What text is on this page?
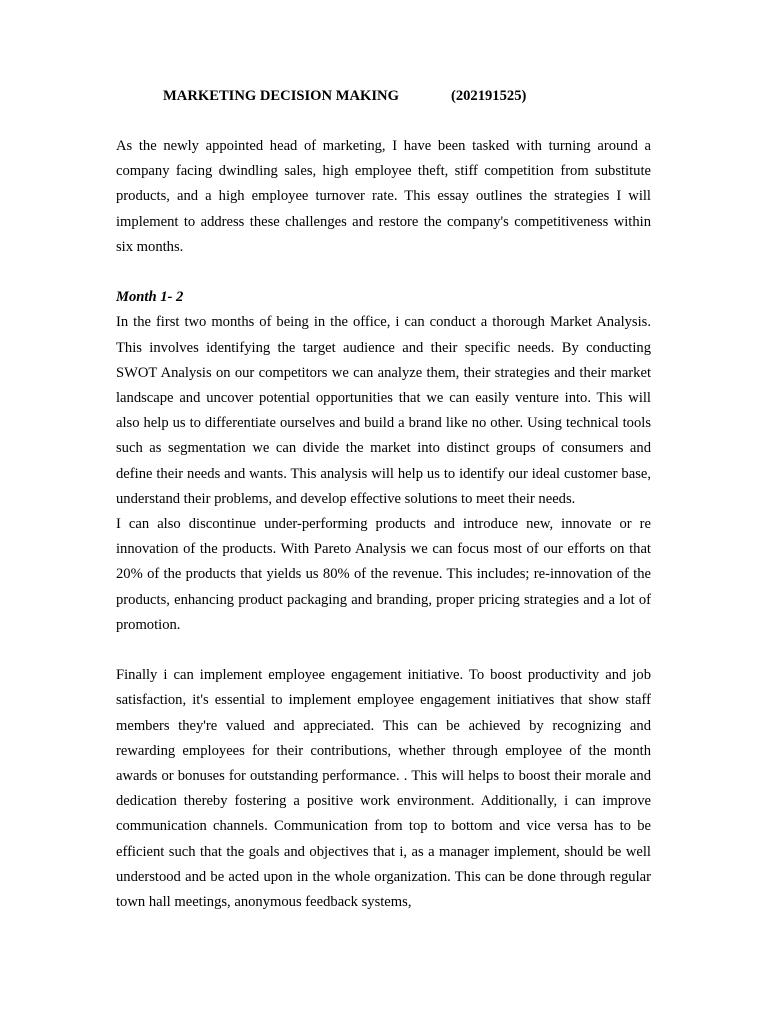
MARKETING DECISION MAKING	(202191525)

As the newly appointed head of marketing, I have been tasked with turning around a company facing dwindling sales, high employee theft, stiff competition from substitute products, and a high employee turnover rate. This essay outlines the strategies I will implement to address these challenges and restore the company's competitiveness within six months.

Month 1- 2

In the first two months of being in the office, i can conduct a thorough Market Analysis. This involves identifying the target audience and their specific needs. By conducting SWOT Analysis on our competitors we can analyze them, their strategies and their market landscape and uncover potential opportunities that we can easily venture into. This will also help us to differentiate ourselves and build a brand like no other. Using technical tools such as segmentation we can divide the market into distinct groups of consumers and define their needs and wants. This analysis will help us to identify our ideal customer base, understand their problems, and develop effective solutions to meet their needs.

I can also discontinue under-performing products and introduce new, innovate or re innovation of the products. With Pareto Analysis we can focus most of our efforts on that 20% of the products that yields us 80% of the revenue. This includes; re-innovation of the products, enhancing product packaging and branding, proper pricing strategies and a lot of promotion.

Finally i can implement employee engagement initiative. To boost productivity and job satisfaction, it's essential to implement employee engagement initiatives that show staff members they're valued and appreciated. This can be achieved by recognizing and rewarding employees for their contributions, whether through employee of the month awards or bonuses for outstanding performance. . This will helps to boost their morale and dedication thereby fostering a positive work environment. Additionally, i can improve communication channels. Communication from top to bottom and vice versa has to be efficient such that the goals and objectives that i, as a manager implement, should be well understood and be acted upon in the whole organization. This can be done through regular town hall meetings, anonymous feedback systems,
